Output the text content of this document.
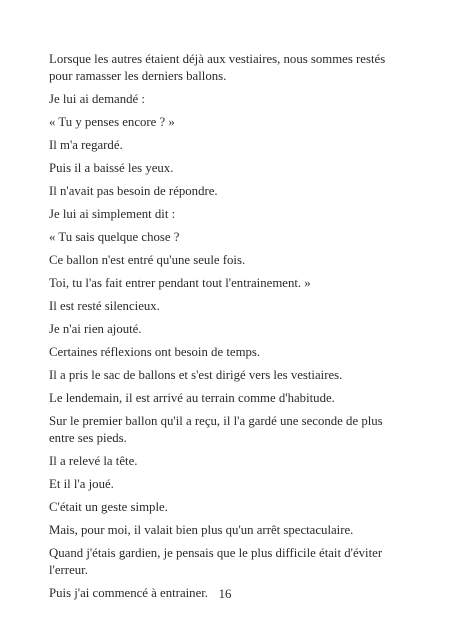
Lorsque les autres étaient déjà aux vestiaires, nous sommes restés pour ramasser les derniers ballons.

Je lui ai demandé :

« Tu y penses encore ? »

Il m'a regardé.

Puis il a baissé les yeux.

Il n'avait pas besoin de répondre.

Je lui ai simplement dit :

« Tu sais quelque chose ?

Ce ballon n'est entré qu'une seule fois.

Toi, tu l'as fait entrer pendant tout l'entrainement. »

Il est resté silencieux.

Je n'ai rien ajouté.

Certaines réflexions ont besoin de temps.

Il a pris le sac de ballons et s'est dirigé vers les vestiaires.

Le lendemain, il est arrivé au terrain comme d'habitude.

Sur le premier ballon qu'il a reçu, il l'a gardé une seconde de plus entre ses pieds.

Il a relevé la tête.

Et il l'a joué.

C'était un geste simple.

Mais, pour moi, il valait bien plus qu'un arrêt spectaculaire.

Quand j'étais gardien, je pensais que le plus difficile était d'éviter l'erreur.

Puis j'ai commencé à entrainer. 16
